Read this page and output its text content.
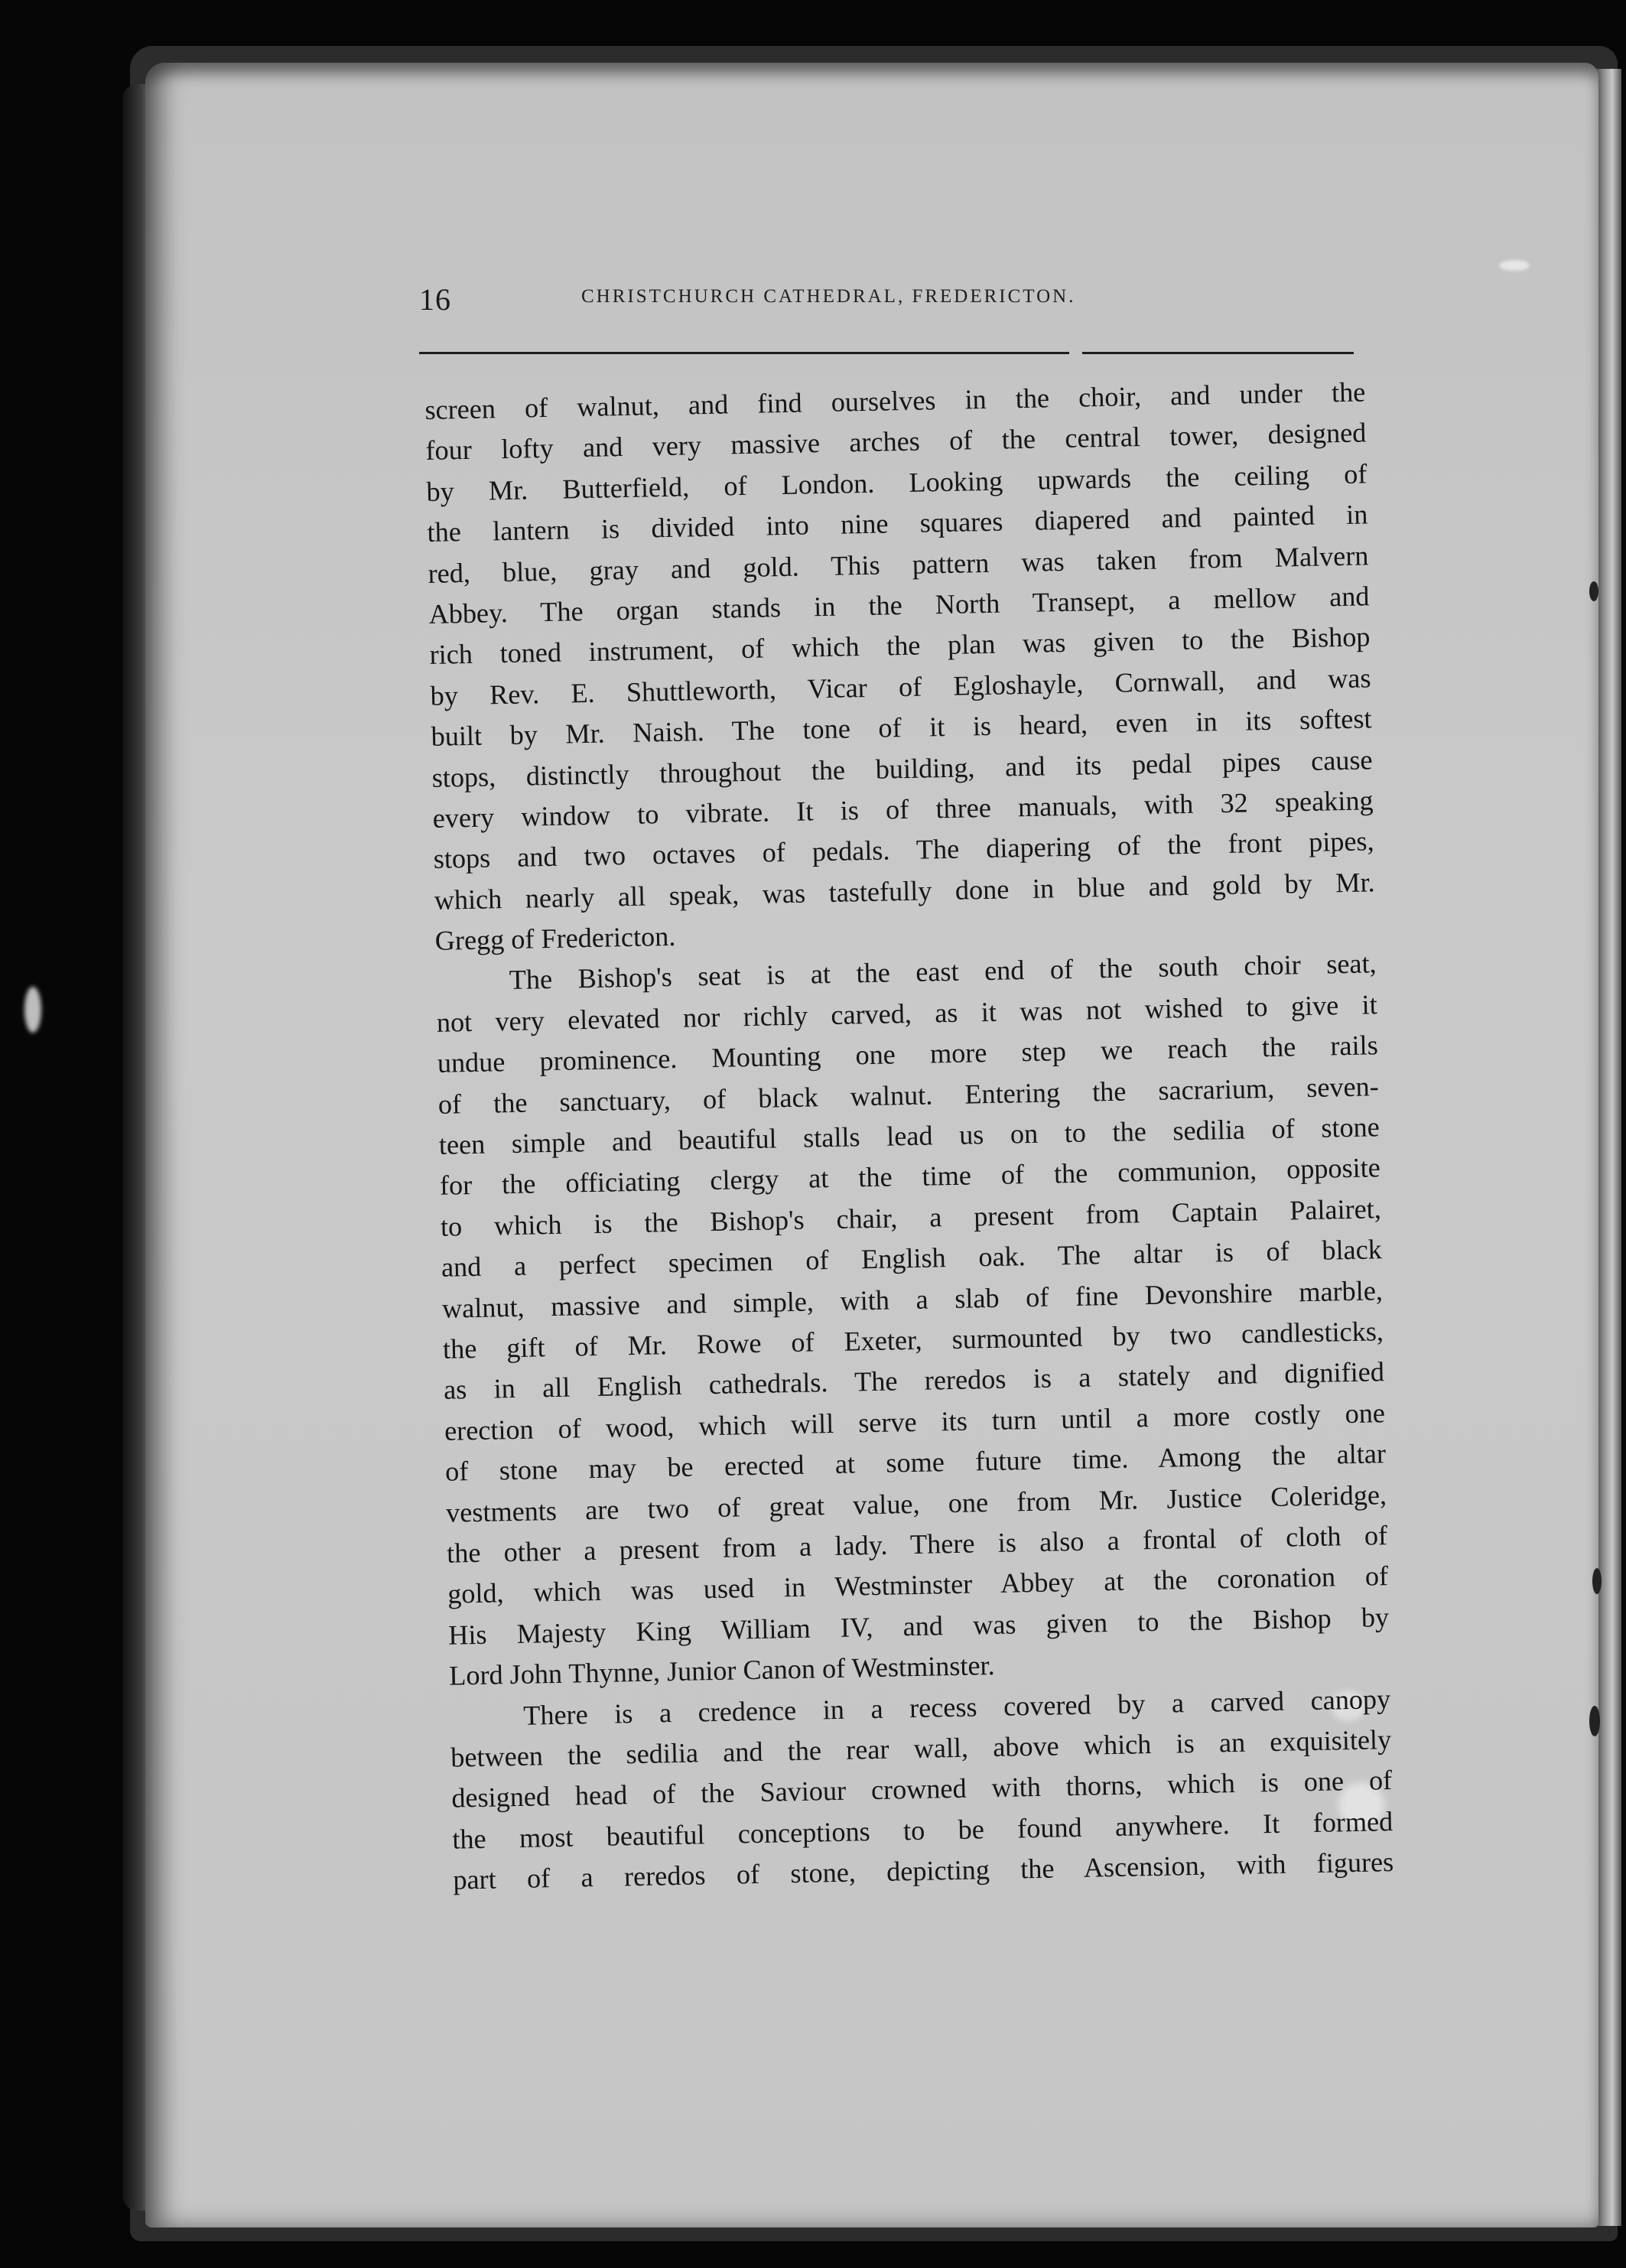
16	CHRISTCHURCH CATHEDRAL, FREDERICTON.
screen of walnut, and find ourselves in the choir, and under the
four lofty and very massive arches of the central tower, designed
by Mr. Butterfield, of London. Looking upwards the ceiling of
the lantern is divided into nine squares diapered and painted in
red, blue, gray and gold. This pattern was taken from Malvern
Abbey. The organ stands in the North Transept, a mellow and
rich toned instrument, of which the plan was given to the Bishop
by Rev. E. Shuttleworth, Vicar of Egloshayle, Cornwall, and was
built by Mr. Naish. The tone of it is heard, even in its softest
stops, distinctly throughout the building, and its pedal pipes cause
every window to vibrate. It is of three manuals, with 32 speaking
stops and two octaves of pedals. The diapering of the front pipes,
which nearly all speak, was tastefully done in blue and gold by Mr.
Gregg of Fredericton.
The Bishop's seat is at the east end of the south choir seat,
not very elevated nor richly carved, as it was not wished to give it
undue prominence. Mounting one more step we reach the rails
of the sanctuary, of black walnut. Entering the sacrarium, seven-
teen simple and beautiful stalls lead us on to the sedilia of stone
for the officiating clergy at the time of the communion, opposite
to which is the Bishop's chair, a present from Captain Palairet,
and a perfect specimen of English oak. The altar is of black
walnut, massive and simple, with a slab of fine Devonshire marble,
the gift of Mr. Rowe of Exeter, surmounted by two candlesticks,
as in all English cathedrals. The reredos is a stately and dignified
erection of wood, which will serve its turn until a more costly one
of stone may be erected at some future time. Among the altar
vestments are two of great value, one from Mr. Justice Coleridge,
the other a present from a lady. There is also a frontal of cloth of
gold, which was used in Westminster Abbey at the coronation of
His Majesty King William IV, and was given to the Bishop by
Lord John Thynne, Junior Canon of Westminster.
There is a credence in a recess covered by a carved canopy
between the sedilia and the rear wall, above which is an exquisitely
designed head of the Saviour crowned with thorns, which is one of
the most beautiful conceptions to be found anywhere. It formed
part of a reredos of stone, depicting the Ascension, with figures
